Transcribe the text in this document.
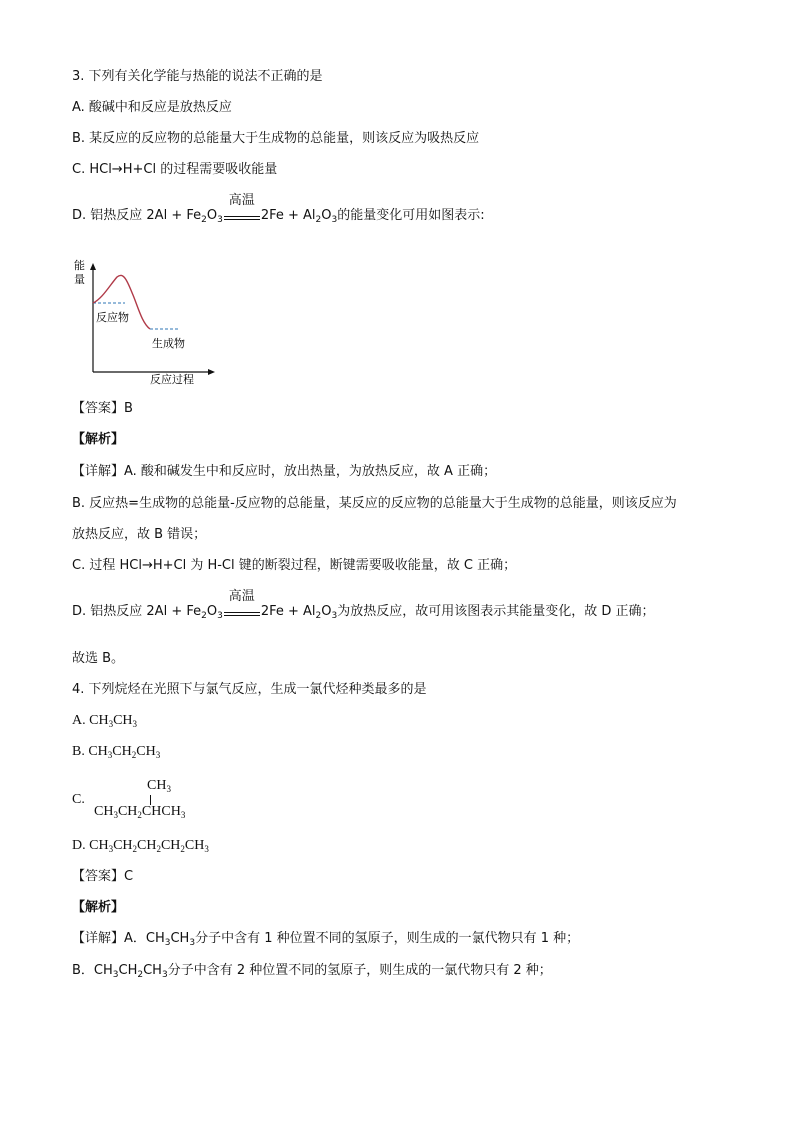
3. 下列有关化学能与热能的说法不正确的是
A. 酸碱中和反应是放热反应
B. 某反应的反应物的总能量大于生成物的总能量，则该反应为吸热反应
C. HCl→H+Cl 的过程需要吸收能量
D. 铝热反应 $2Al + Fe_2O_3$
高温
$2Fe + Al_2O_3$的能量变化可用如图表示:
能
量
反应物
生成物
反应过程
【答案】B
【解析】
【详解】A. 酸和碱发生中和反应时，放出热量，为放热反应，故 A 正确；
B. 反应热=生成物的总能量-反应物的总能量，某反应的反应物的总能量大于生成物的总能量，则该反应为
放热反应，故 B 错误；
C. 过程 HCl→H+Cl 为 H-Cl 键的断裂过程，断键需要吸收能量，故 C 正确；
D. 铝热反应 $2Al + Fe_2O_3$
高温
$2Fe + Al_2O_3$为放热反应，故可用该图表示其能量变化，故 D 正确；
故选 B。
4. 下列烷烃在光照下与氯气反应，生成一氯代烃种类最多的是
A. $CH_3CH_3$
B. $CH_3CH_2CH_3$
C.
$CH_3$
$CH_3CH_2CHCH_3$
D. $CH_3CH_2CH_2CH_2CH_3$
【答案】C
【解析】
【详解】A．$CH_3CH_3$分子中含有 1 种位置不同的氢原子，则生成的一氯代物只有 1 种；
B．$CH_3CH_2CH_3$分子中含有 2 种位置不同的氢原子，则生成的一氯代物只有 2 种；
